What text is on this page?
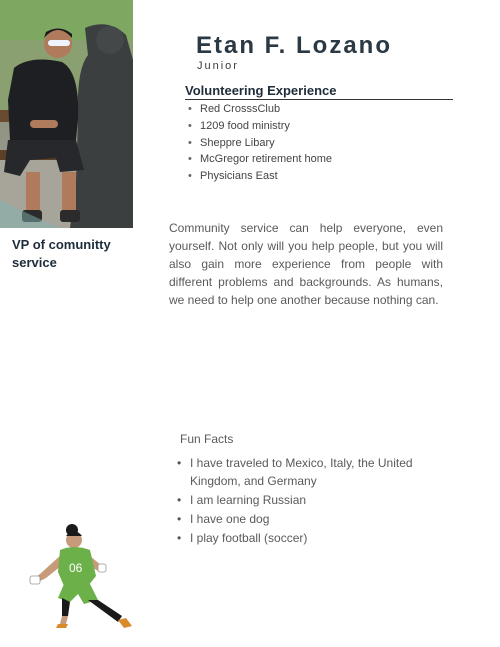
VP of comunitty service
Etan F. Lozano
Junior
Volunteering Experience
• Red CrosssClub
• 1209 food ministry
• Sheppre Libary
• McGregor retirement home
• Physicians East

Community service can help everyone, even yourself. Not only will you help people, but you will also gain more experience from people with different problems and backgrounds. As humans, we need to help one another because nothing can.

Fun Facts
• I have traveled to Mexico, Italy, the United Kingdom, and Germany
• I am learning Russian
• I have one dog
• I play football (soccer)
06
